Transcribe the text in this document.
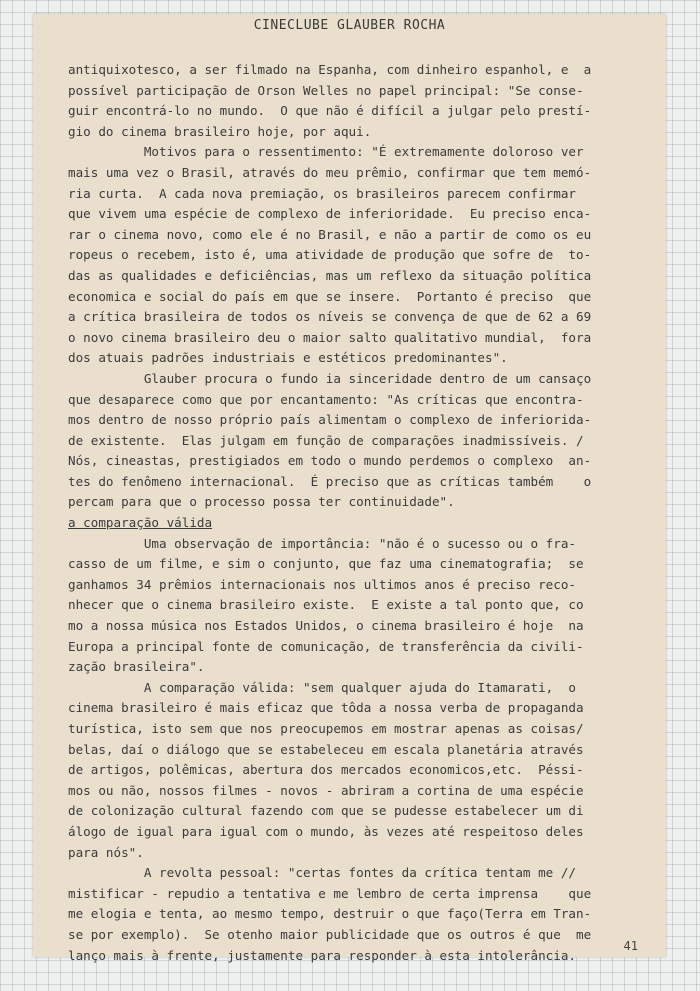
CINECLUBE GLAUBER ROCHA
antiquixotesco, a ser filmado na Espanha, com dinheiro espanhol, e  a
possível participação de Orson Welles no papel principal: "Se conse-
guir encontrá-lo no mundo.  O que não é difícil a julgar pelo prestí-
gio do cinema brasileiro hoje, por aqui.
Motivos para o ressentimento: "É extremamente doloroso ver
mais uma vez o Brasil, através do meu prêmio, confirmar que tem memó-
ria curta.  A cada nova premiação, os brasileiros parecem confirmar
que vivem uma espécie de complexo de inferioridade.  Eu preciso enca-
rar o cinema novo, como ele é no Brasil, e não a partir de como os eu
ropeus o recebem, isto é, uma atividade de produção que sofre de  to-
das as qualidades e deficiências, mas um reflexo da situação política
economica e social do país em que se insere.  Portanto é preciso  que
a crítica brasileira de todos os níveis se convença de que de 62 a 69
o novo cinema brasileiro deu o maior salto qualitativo mundial,  fora
dos atuais padrões industriais e estéticos predominantes".
Glauber procura o fundo ia sinceridade dentro de um cansaço
que desaparece como que por encantamento: "As críticas que encontra-
mos dentro de nosso próprio país alimentam o complexo de inferiorida-
de existente.  Elas julgam em função de comparações inadmissíveis. /
Nós, cineastas, prestigiados em todo o mundo perdemos o complexo  an-
tes do fenômeno internacional.  É preciso que as críticas também    o
percam para que o processo possa ter continuidade".
a comparação válida
Uma observação de importância: "não é o sucesso ou o fra-
casso de um filme, e sim o conjunto, que faz uma cinematografia;  se
ganhamos 34 prêmios internacionais nos ultimos anos é preciso reco-
nhecer que o cinema brasileiro existe.  E existe a tal ponto que, co
mo a nossa música nos Estados Unidos, o cinema brasileiro é hoje  na
Europa a principal fonte de comunicação, de transferência da civili-
zação brasileira".
A comparação válida: "sem qualquer ajuda do Itamarati,  o
cinema brasileiro é mais eficaz que tôda a nossa verba de propaganda
turística, isto sem que nos preocupemos em mostrar apenas as coisas/
belas, daí o diálogo que se estabeleceu em escala planetária através
de artigos, polêmicas, abertura dos mercados economicos,etc.  Péssi-
mos ou não, nossos filmes - novos - abriram a cortina de uma espécie
de colonização cultural fazendo com que se pudesse estabelecer um di
álogo de igual para igual com o mundo, às vezes até respeitoso deles
para nós".
A revolta pessoal: "certas fontes da crítica tentam me //
mistificar - repudio a tentativa e me lembro de certa imprensa    que
me elogia e tenta, ao mesmo tempo, destruir o que faço(Terra em Tran-
se por exemplo).  Se otenho maior publicidade que os outros é que  me
lanço mais à frente, justamente para responder à esta intolerância.
41
